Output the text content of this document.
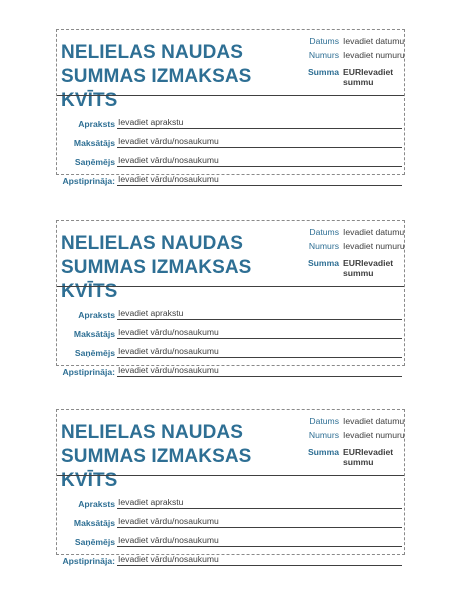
NELIELAS NAUDAS
SUMMAS IZMAKSAS KVĪTS
Datums Ievadiet datumu
Numurs Ievadiet numuru
Summa EURIevadiet summu
Apraksts Ievadiet aprakstu
Maksātājs Ievadiet vārdu/nosaukumu
Saņēmējs Ievadiet vārdu/nosaukumu
Apstiprināja: Ievadiet vārdu/nosaukumu
NELIELAS NAUDAS
SUMMAS IZMAKSAS KVĪTS
Datums Ievadiet datumu
Numurs Ievadiet numuru
Summa EURIevadiet summu
Apraksts Ievadiet aprakstu
Maksātājs Ievadiet vārdu/nosaukumu
Saņēmējs Ievadiet vārdu/nosaukumu
Apstiprināja: Ievadiet vārdu/nosaukumu
NELIELAS NAUDAS
SUMMAS IZMAKSAS KVĪTS
Datums Ievadiet datumu
Numurs Ievadiet numuru
Summa EURIevadiet summu
Apraksts Ievadiet aprakstu
Maksātājs Ievadiet vārdu/nosaukumu
Saņēmējs Ievadiet vārdu/nosaukumu
Apstiprināja: Ievadiet vārdu/nosaukumu
